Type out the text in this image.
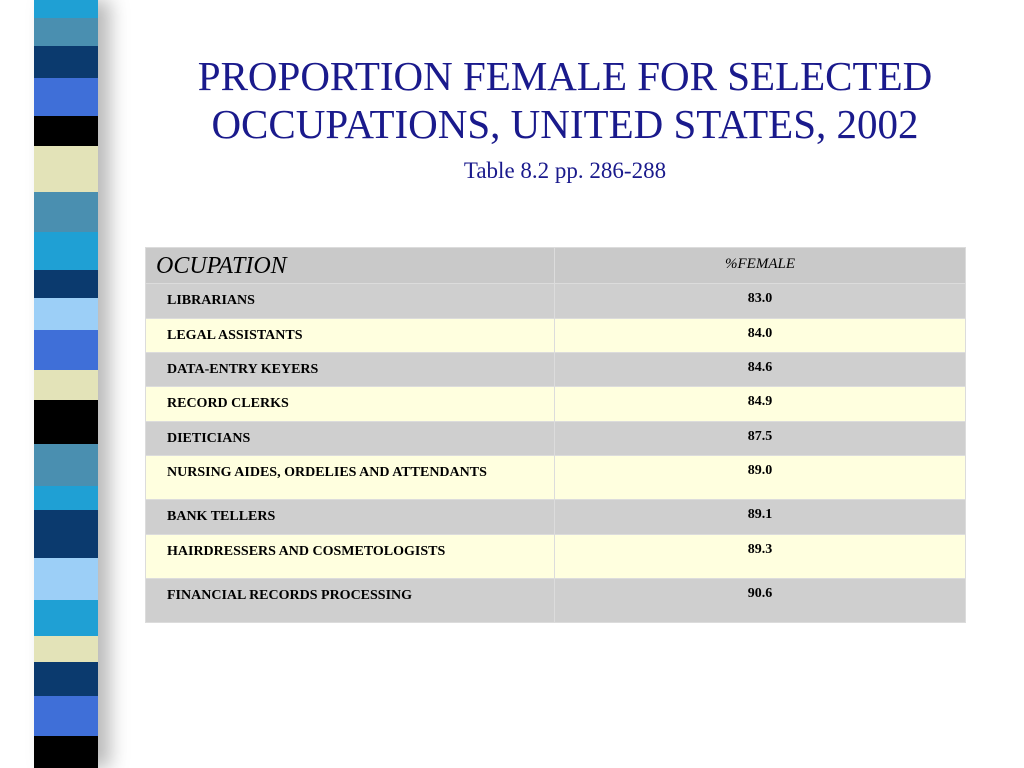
PROPORTION FEMALE FOR SELECTED
OCCUPATIONS, UNITED STATES, 2002
Table 8.2 pp. 286-288
OCUPATION	%FEMALE
LIBRARIANS	83.0
LEGAL ASSISTANTS	84.0
DATA-ENTRY KEYERS	84.6
RECORD CLERKS	84.9
DIETICIANS	87.5
NURSING AIDES, ORDELIES AND ATTENDANTS	89.0
BANK TELLERS	89.1
HAIRDRESSERS AND COSMETOLOGISTS	89.3
FINANCIAL RECORDS PROCESSING	90.6
